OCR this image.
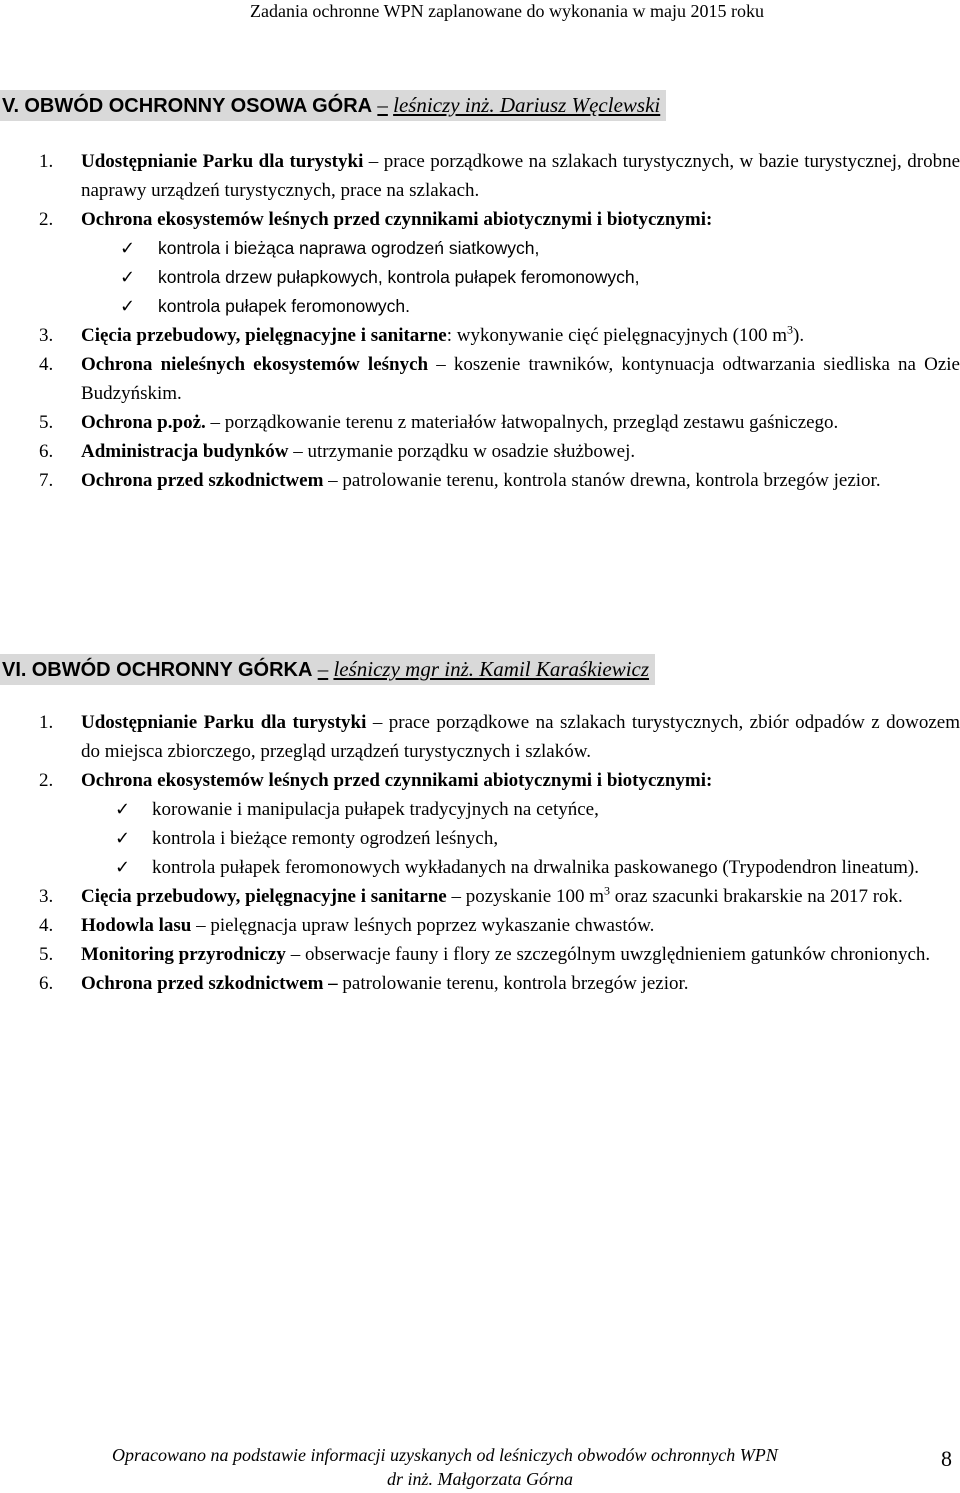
Zadania ochronne WPN zaplanowane do wykonania w maju 2015 roku
V. OBWÓD OCHRONNY OSOWA GÓRA – leśniczy inż. Dariusz Węclewski
1. Udostępnianie Parku dla turystyki – prace porządkowe na szlakach turystycznych, w bazie turystycznej, drobne naprawy urządzeń turystycznych, prace na szlakach.
2. Ochrona ekosystemów leśnych przed czynnikami abiotycznymi i biotycznymi:
✓ kontrola i bieżąca naprawa ogrodzeń siatkowych,
✓ kontrola drzew pułapkowych, kontrola pułapek feromonowych,
✓ kontrola pułapek feromonowych.
3. Cięcia przebudowy, pielęgnacyjne i sanitarne: wykonywanie cięć pielęgnacyjnych (100 $m^3$).
4. Ochrona nieleśnych ekosystemów leśnych – koszenie trawników, kontynuacja odtwarzania siedliska na Ozie Budzyńskim.
5. Ochrona p.poż. – porządkowanie terenu z materiałów łatwopalnych, przegląd zestawu gaśniczego.
6. Administracja budynków – utrzymanie porządku w osadzie służbowej.
7. Ochrona przed szkodnictwem – patrolowanie terenu, kontrola stanów drewna, kontrola brzegów jezior.
VI. OBWÓD OCHRONNY GÓRKA – leśniczy mgr inż. Kamil Karaśkiewicz
1. Udostępnianie Parku dla turystyki – prace porządkowe na szlakach turystycznych, zbiór odpadów z dowozem do miejsca zbiorczego, przegląd urządzeń turystycznych i szlaków.
2. Ochrona ekosystemów leśnych przed czynnikami abiotycznymi i biotycznymi:
✓ korowanie i manipulacja pułapek tradycyjnych na cetyńce,
✓ kontrola i bieżące remonty ogrodzeń leśnych,
✓ kontrola pułapek feromonowych wykładanych na drwalnika paskowanego (Trypodendron lineatum).
3. Cięcia przebudowy, pielęgnacyjne i sanitarne – pozyskanie 100 $m^3$ oraz szacunki brakarskie na 2017 rok.
4. Hodowla lasu – pielęgnacja upraw leśnych poprzez wykaszanie chwastów.
5. Monitoring przyrodniczy – obserwacje fauny i flory ze szczególnym uwzględnieniem gatunków chronionych.
6. Ochrona przed szkodnictwem – patrolowanie terenu, kontrola brzegów jezior.
Opracowano na podstawie informacji uzyskanych od leśniczych obwodów ochronnych WPN
dr inż. Małgorzata Górna
8
